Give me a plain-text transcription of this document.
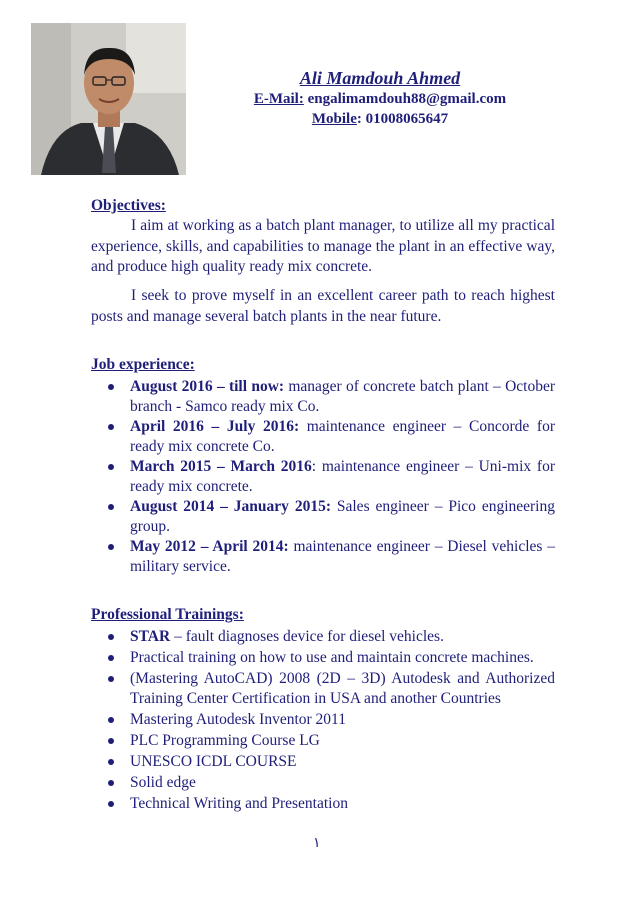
Ali Mamdouh Ahmed
E-Mail: engalimamdouh88@gmail.com
Mobile: 01008065647
Objectives:

I aim at working as a batch plant manager, to utilize all my practical experience, skills, and capabilities to manage the plant in an effective way, and produce high quality ready mix concrete.

I seek to prove myself in an excellent career path to reach highest posts and manage several batch plants in the near future.

Job experience:
August 2016 – till now: manager of concrete batch plant – October branch - Samco ready mix Co.
April 2016 – July 2016: maintenance engineer – Concorde for ready mix concrete Co.
March 2015 – March 2016: maintenance engineer – Uni-mix for ready mix concrete.
August 2014 – January 2015: Sales engineer – Pico engineering group.
May 2012 – April 2014: maintenance engineer – Diesel vehicles – military service.
Professional Trainings:
STAR – fault diagnoses device for diesel vehicles.
Practical training on how to use and maintain concrete machines.
(Mastering AutoCAD) 2008 (2D – 3D) Autodesk and Authorized Training Center Certification in USA and another Countries
Mastering Autodesk Inventor 2011
PLC Programming Course LG
UNESCO ICDL COURSE
Solid edge
Technical Writing and Presentation
١
